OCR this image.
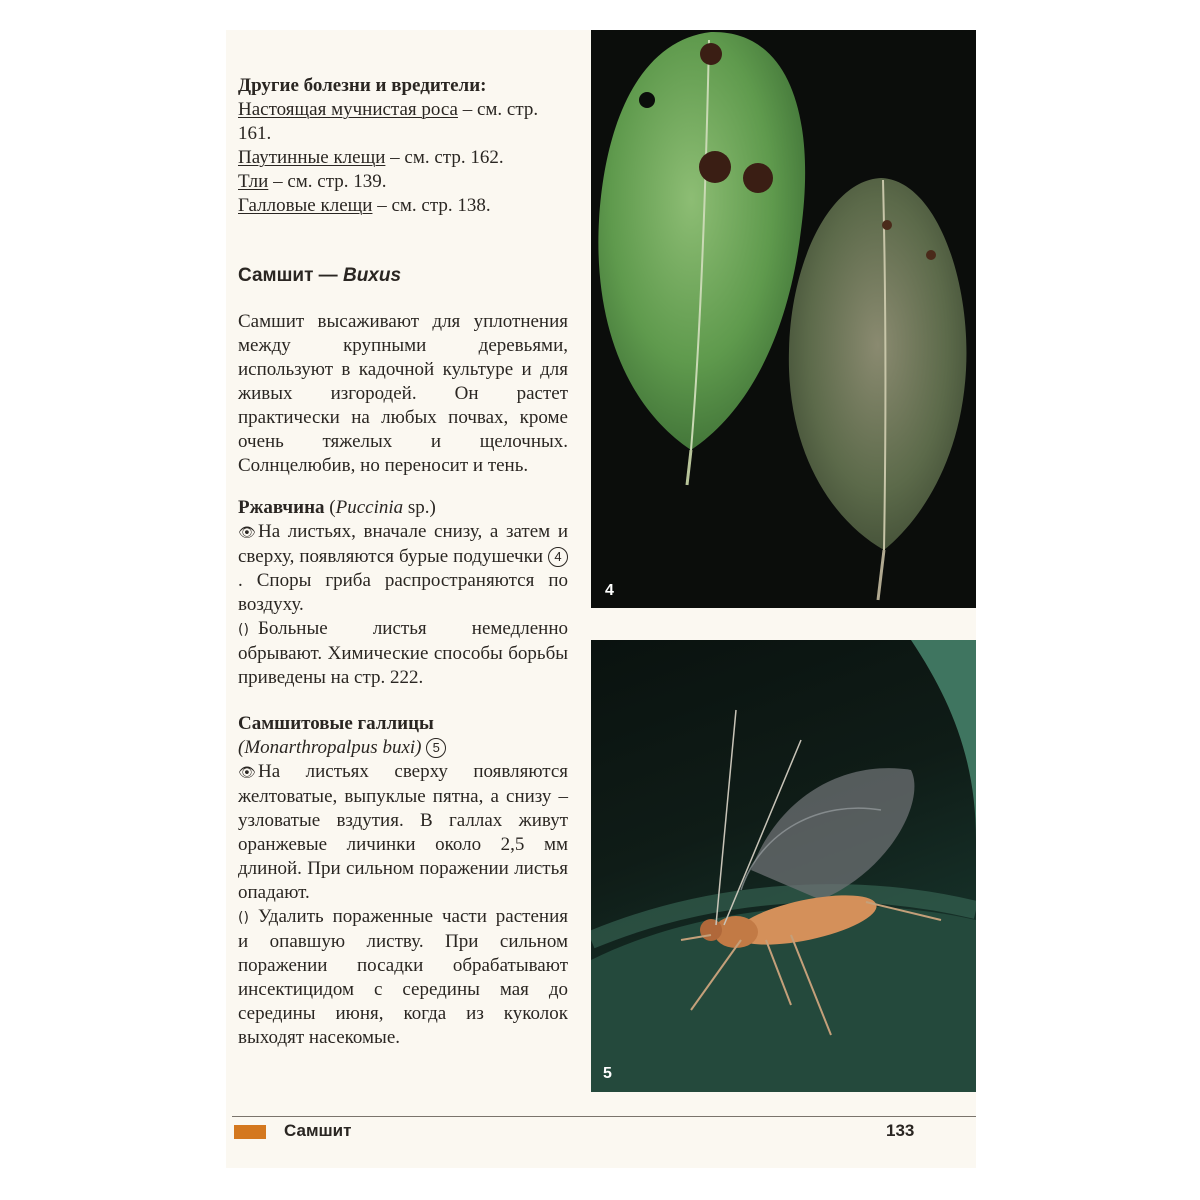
Другие болезни и вредители:

Настоящая мучнистая роса – см. стр. 161.

Паутинные клещи – см. стр. 162.

Тли – см. стр. 139.

Галловые клещи – см. стр. 138.

Самшит — Buxus

Самшит высаживают для уплотнения между крупными деревьями, используют в кадочной культуре и для живых изгородей. Он растет практически на любых почвах, кроме очень тяжелых и щелочных. Солнцелюбив, но переносит и тень.

Ржавчина (Puccinia sp.)

👁 На листьях, вначале снизу, а затем и сверху, появляются бурые подушечки 4. Споры гриба распространяются по воздуху.

() Больные листья немедленно обрывают. Химические способы борьбы приведены на стр. 222.

Самшитовые галлицы

(Monarthropalpus buxi) 5

👁 На листьях сверху появляются желтоватые, выпуклые пятна, а снизу – узловатые вздутия. В галлах живут оранжевые личинки около 2,5 мм длиной. При сильном поражении листья опадают.

() Удалить пораженные части растения и опавшую листву. При сильном поражении посадки обрабатывают инсектицидом с середины мая до середины июня, когда из куколок выходят насекомые.

4
5
Самшит	133
